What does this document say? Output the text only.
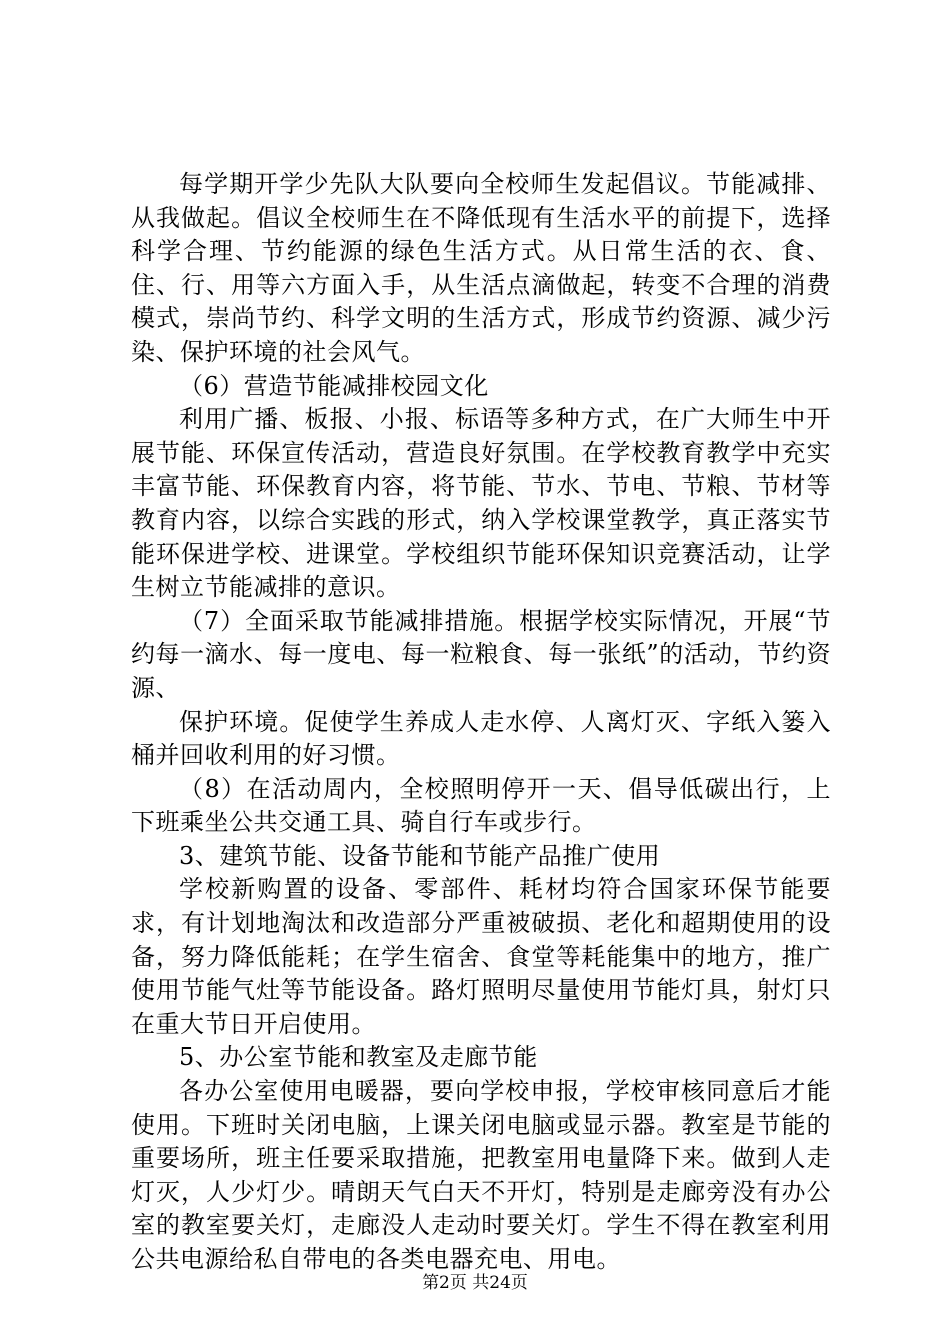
每学期开学少先队大队要向全校师生发起倡议。节能减排、从我做起。倡议全校师生在不降低现有生活水平的前提下，选择科学合理、节约能源的绿色生活方式。从日常生活的衣、食、住、行、用等六方面入手，从生活点滴做起，转变不合理的消费模式，崇尚节约、科学文明的生活方式，形成节约资源、减少污染、保护环境的社会风气。

（6）营造节能减排校园文化

利用广播、板报、小报、标语等多种方式，在广大师生中开展节能、环保宣传活动，营造良好氛围。在学校教育教学中充实丰富节能、环保教育内容，将节能、节水、节电、节粮、节材等教育内容，以综合实践的形式，纳入学校课堂教学，真正落实节能环保进学校、进课堂。学校组织节能环保知识竞赛活动，让学生树立节能减排的意识。

（7）全面采取节能减排措施。根据学校实际情况，开展“节约每一滴水、每一度电、每一粒粮食、每一张纸”的活动，节约资源、

保护环境。促使学生养成人走水停、人离灯灭、字纸入篓入桶并回收利用的好习惯。

（8）在活动周内，全校照明停开一天、倡导低碳出行，上下班乘坐公共交通工具、骑自行车或步行。

3、建筑节能、设备节能和节能产品推广使用

学校新购置的设备、零部件、耗材均符合国家环保节能要求，有计划地淘汰和改造部分严重被破损、老化和超期使用的设备，努力降低能耗；在学生宿舍、食堂等耗能集中的地方，推广使用节能气灶等节能设备。路灯照明尽量使用节能灯具，射灯只在重大节日开启使用。

5、办公室节能和教室及走廊节能

各办公室使用电暖器，要向学校申报，学校审核同意后才能使用。下班时关闭电脑，上课关闭电脑或显示器。教室是节能的重要场所，班主任要采取措施，把教室用电量降下来。做到人走灯灭，人少灯少。晴朗天气白天不开灯，特别是走廊旁没有办公室的教室要关灯，走廊没人走动时要关灯。学生不得在教室利用公共电源给私自带电的各类电器充电、用电。

第2页 共24页
